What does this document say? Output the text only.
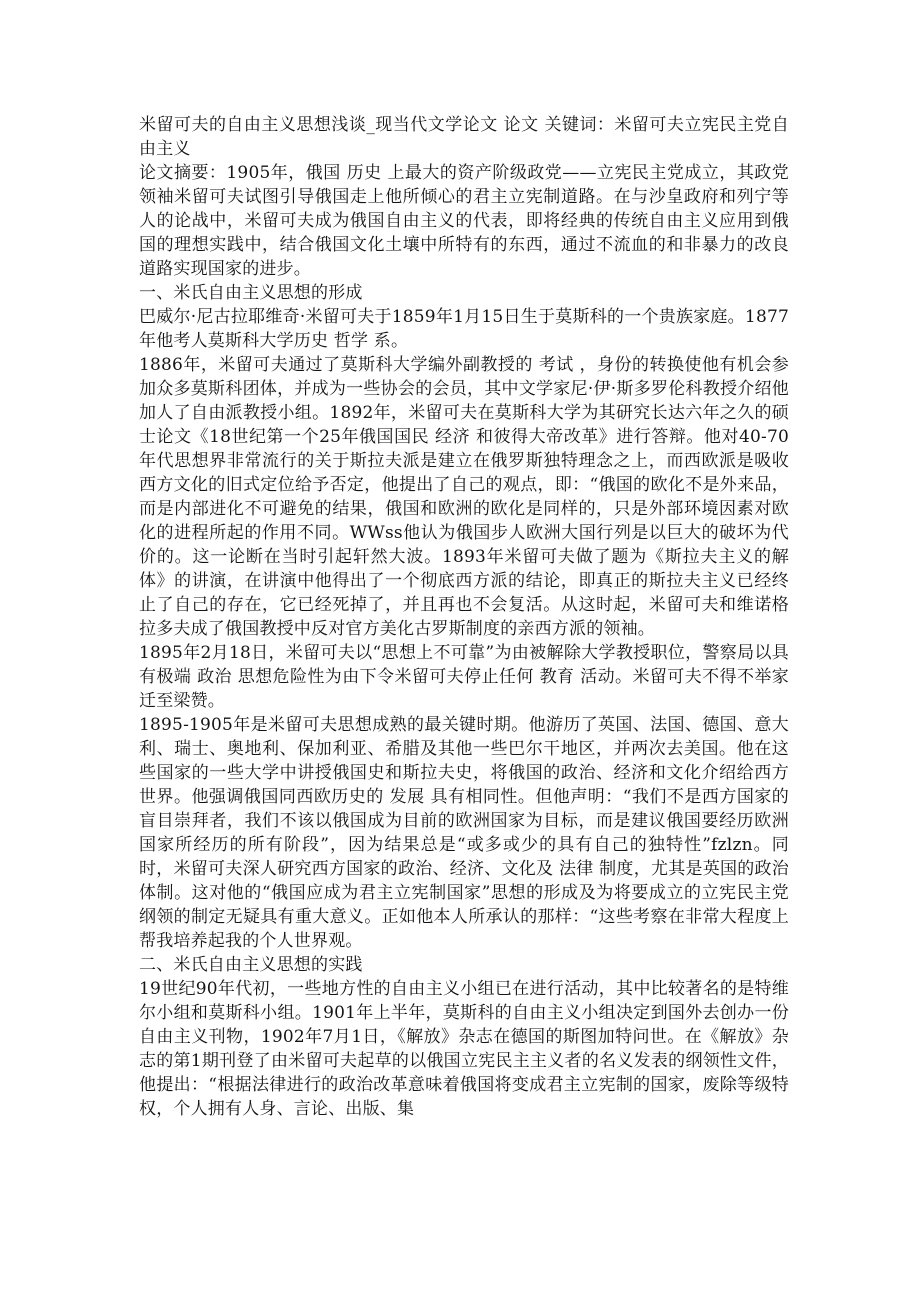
米留可夫的自由主义思想浅谈_现当代文学论文 论文 关键词：米留可夫立宪民主党自由主义

论文摘要：1905年，俄国 历史 上最大的资产阶级政党——立宪民主党成立，其政党领袖米留可夫试图引导俄国走上他所倾心的君主立宪制道路。在与沙皇政府和列宁等人的论战中，米留可夫成为俄国自由主义的代表，即将经典的传统自由主义应用到俄国的理想实践中，结合俄国文化土壤中所特有的东西，通过不流血的和非暴力的改良道路实现国家的进步。

一、米氏自由主义思想的形成

巴威尔·尼古拉耶维奇·米留可夫于1859年1月15日生于莫斯科的一个贵族家庭。1877年他考人莫斯科大学历史 哲学 系。

1886年，米留可夫通过了莫斯科大学编外副教授的 考试 ，身份的转换使他有机会参加众多莫斯科团体，并成为一些协会的会员，其中文学家尼·伊·斯多罗伦科教授介绍他加人了自由派教授小组。1892年，米留可夫在莫斯科大学为其研究长达六年之久的硕士论文《18世纪第一个25年俄国国民 经济 和彼得大帝改革》进行答辩。他对40-70年代思想界非常流行的关于斯拉夫派是建立在俄罗斯独特理念之上，而西欧派是吸收西方文化的旧式定位给予否定，他提出了自己的观点，即：“俄国的欧化不是外来品，而是内部进化不可避免的结果，俄国和欧洲的欧化是同样的，只是外部环境因素对欧化的进程所起的作用不同。WWss他认为俄国步人欧洲大国行列是以巨大的破坏为代价的。这一论断在当时引起轩然大波。1893年米留可夫做了题为《斯拉夫主义的解体》的讲演，在讲演中他得出了一个彻底西方派的结论，即真正的斯拉夫主义已经终止了自己的存在，它已经死掉了，并且再也不会复活。从这时起，米留可夫和维诺格拉多夫成了俄国教授中反对官方美化古罗斯制度的亲西方派的领袖。

1895年2月18日，米留可夫以“思想上不可靠”为由被解除大学教授职位，警察局以具有极端 政治 思想危险性为由下令米留可夫停止任何 教育 活动。米留可夫不得不举家迁至梁赞。

1895-1905年是米留可夫思想成熟的最关键时期。他游历了英国、法国、德国、意大利、瑞士、奥地利、保加利亚、希腊及其他一些巴尔干地区，并两次去美国。他在这些国家的一些大学中讲授俄国史和斯拉夫史，将俄国的政治、经济和文化介绍给西方世界。他强调俄国同西欧历史的 发展 具有相同性。但他声明：“我们不是西方国家的盲目崇拜者，我们不该以俄国成为目前的欧洲国家为目标，而是建议俄国要经历欧洲国家所经历的所有阶段”，因为结果总是“或多或少的具有自己的独特性”fzlzn。同时，米留可夫深人研究西方国家的政治、经济、文化及 法律 制度，尤其是英国的政治体制。这对他的“俄国应成为君主立宪制国家”思想的形成及为将要成立的立宪民主党纲领的制定无疑具有重大意义。正如他本人所承认的那样：“这些考察在非常大程度上帮我培养起我的个人世界观。

二、米氏自由主义思想的实践

19世纪90年代初，一些地方性的自由主义小组已在进行活动，其中比较著名的是特维尔小组和莫斯科小组。1901年上半年，莫斯科的自由主义小组决定到国外去创办一份自由主义刊物，1902年7月1日，《解放》杂志在德国的斯图加特问世。在《解放》杂志的第1期刊登了由米留可夫起草的以俄国立宪民主主义者的名义发表的纲领性文件，他提出：“根据法律进行的政治改革意味着俄国将变成君主立宪制的国家，废除等级特权，个人拥有人身、言论、出版、集
